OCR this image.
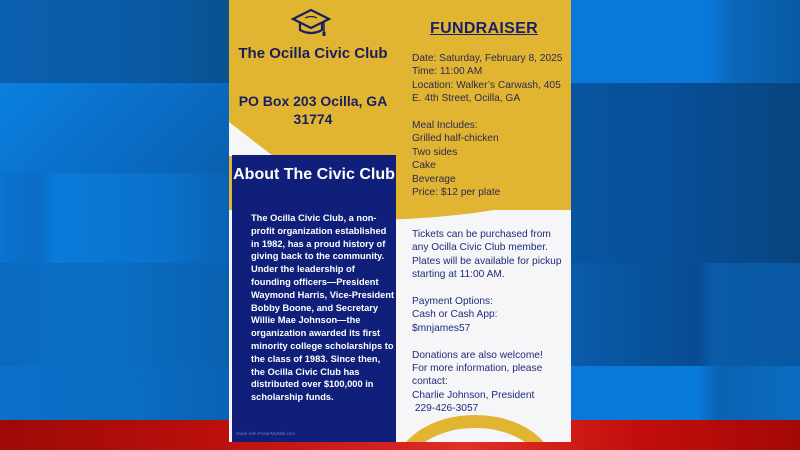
The Ocilla Civic Club
PO Box 203 Ocilla, GA 31774
About The Civic Club
The Ocilla Civic Club, a non-profit organization established in 1982, has a proud history of giving back to the community. Under the leadership of founding officers—President Waymond Harris, Vice-President Bobby Boone, and Secretary Willie Mae Johnson—the organization awarded its first minority college scholarships to the class of 1983. Since then, the Ocilla Civic Club has distributed over $100,000 in scholarship funds.
Made with PosterMyWall.com
FUNDRAISER
Date: Saturday, February 8, 2025
Time: 11:00 AM
Location: Walker’s Carwash, 405 E. 4th Street, Ocilla, GA
Meal Includes:
Grilled half-chicken
Two sides
Cake
Beverage
Price: $12 per plate
Tickets can be purchased from any Ocilla Civic Club member. Plates will be available for pickup starting at 11:00 AM.
Payment Options:
Cash or Cash App:
$mnjames57
Donations are also welcome!
For more information, please contact:
Charlie Johnson, President
229-426-3057
